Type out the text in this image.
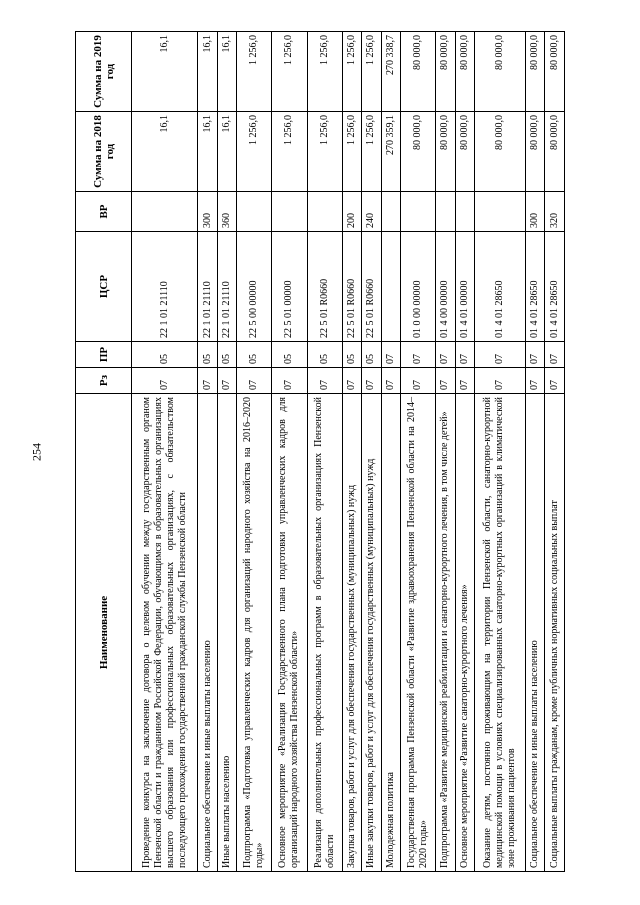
254
Наименование	Рз	ПР	ЦСР	ВР	Сумма на 2018 год	Сумма на 2019 год
Проведение конкурса на заключение договора о целевом обучении между государственным органом Пензенской области и гражданином Российской Федерации, обучающимся в образовательных организациях высшего образования или профессиональных образовательных организациях, с обязательством последующего прохождения государственной гражданской службы Пензенской области	07	05	22 1 01 21110		16,1	16,1
Социальное обеспечение и иные выплаты населению	07	05	22 1 01 21110	300	16,1	16,1
Иные выплаты населению	07	05	22 1 01 21110	360	16,1	16,1
Подпрограмма «Подготовка управленческих кадров для организаций народного хозяйства на 2016–2020 годы»	07	05	22 5 00 00000		1 256,0	1 256,0
Основное мероприятие «Реализация Государственного плана подготовки управленческих кадров для организаций народного хозяйства Пензенской области»	07	05	22 5 01 00000		1 256,0	1 256,0
Реализация дополнительных профессиональных программ в образовательных организациях Пензенской области	07	05	22 5 01 R0660		1 256,0	1 256,0
Закупка товаров, работ и услуг для обеспечения государственных (муниципальных) нужд	07	05	22 5 01 R0660	200	1 256,0	1 256,0
Иные закупки товаров, работ и услуг для обеспечения государственных (муниципальных) нужд	07	05	22 5 01 R0660	240	1 256,0	1 256,0
Молодежная политика	07	07			270 359,1	270 338,7
Государственная программа Пензенской области «Развитие здравоохранения Пензенской области на 2014–2020 годы»	07	07	01 0 00 00000		80 000,0	80 000,0
Подпрограмма «Развитие медицинской реабилитации и санаторно-курортного лечения, в том числе детей»	07	07	01 4 00 00000		80 000,0	80 000,0
Основное мероприятие «Развитие санаторно-курортного лечения»	07	07	01 4 01 00000		80 000,0	80 000,0
Оказание детям, постоянно проживающим на территории Пензенской области, санаторно-курортной медицинской помощи в условиях специализированных санаторно-курортных организаций в климатической зоне проживания пациентов	07	07	01 4 01 28650		80 000,0	80 000,0
Социальное обеспечение и иные выплаты населению	07	07	01 4 01 28650	300	80 000,0	80 000,0
Социальные выплаты гражданам, кроме публичных нормативных социальных выплат	07	07	01 4 01 28650	320	80 000,0	80 000,0
